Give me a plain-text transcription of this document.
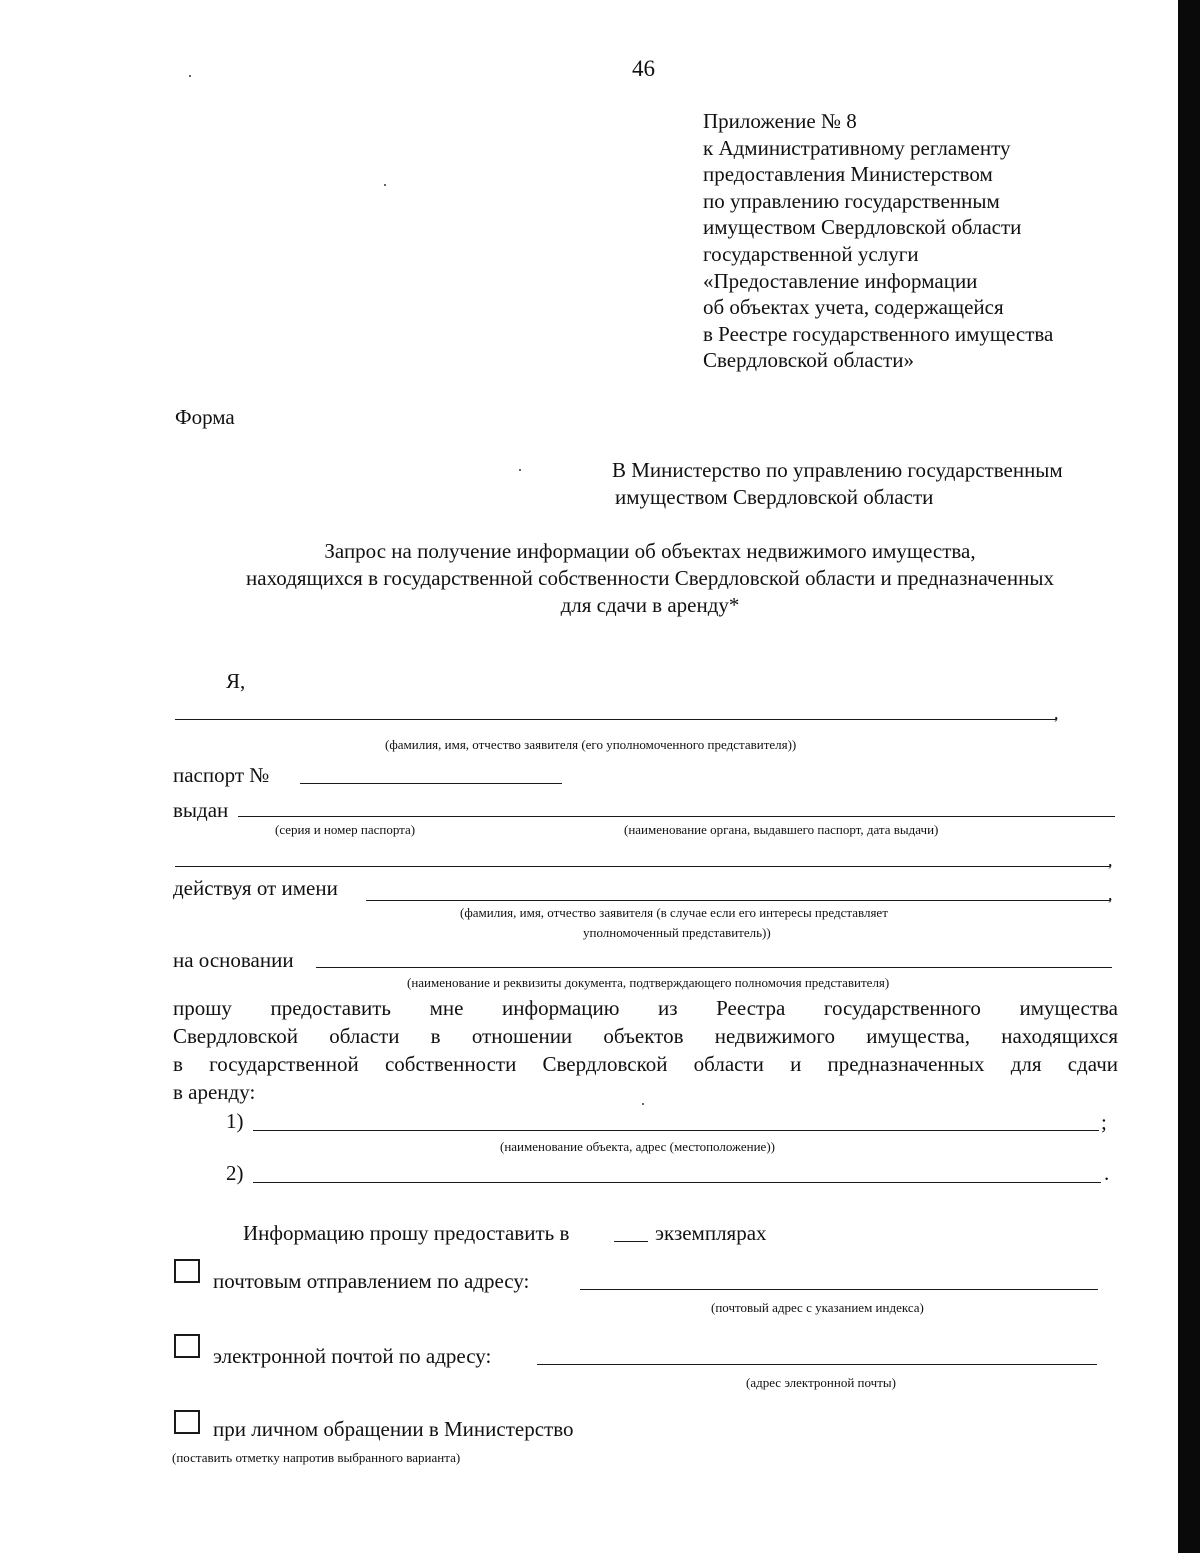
46
Приложение № 8
к Административному регламенту
предоставления Министерством
по управлению государственным
имуществом Свердловской области
государственной услуги
«Предоставление информации
об объектах учета, содержащейся
в Реестре государственного имущества
Свердловской области»
Форма
В Министерство по управлению государственным
имуществом Свердловской области
Запрос на получение информации об объектах недвижимого имущества,
находящихся в государственной собственности Свердловской области и предназначенных
для сдачи в аренду*
Я,
,
(фамилия, имя, отчество заявителя (его уполномоченного представителя))
паспорт №
выдан
(серия и номер паспорта)	(наименование органа, выдавшего паспорт, дата выдачи)
,
действуя от имени	,
(фамилия, имя, отчество заявителя (в случае если его интересы представляет
уполномоченный представитель))
на основании
(наименование и реквизиты документа, подтверждающего полномочия представителя)
прошу предоставить мне информацию из Реестра государственного имущества
Свердловской области в отношении объектов недвижимого имущества, находящихся
в государственной собственности Свердловской области и предназначенных для сдачи
в аренду:
1)	;
(наименование объекта, адрес (местоположение))
2)	.
Информацию прошу предоставить в	экземплярах
почтовым отправлением по адресу:
(почтовый адрес с указанием индекса)
электронной почтой по адресу:
(адрес электронной почты)
при личном обращении в Министерство
(поставить отметку напротив выбранного варианта)
